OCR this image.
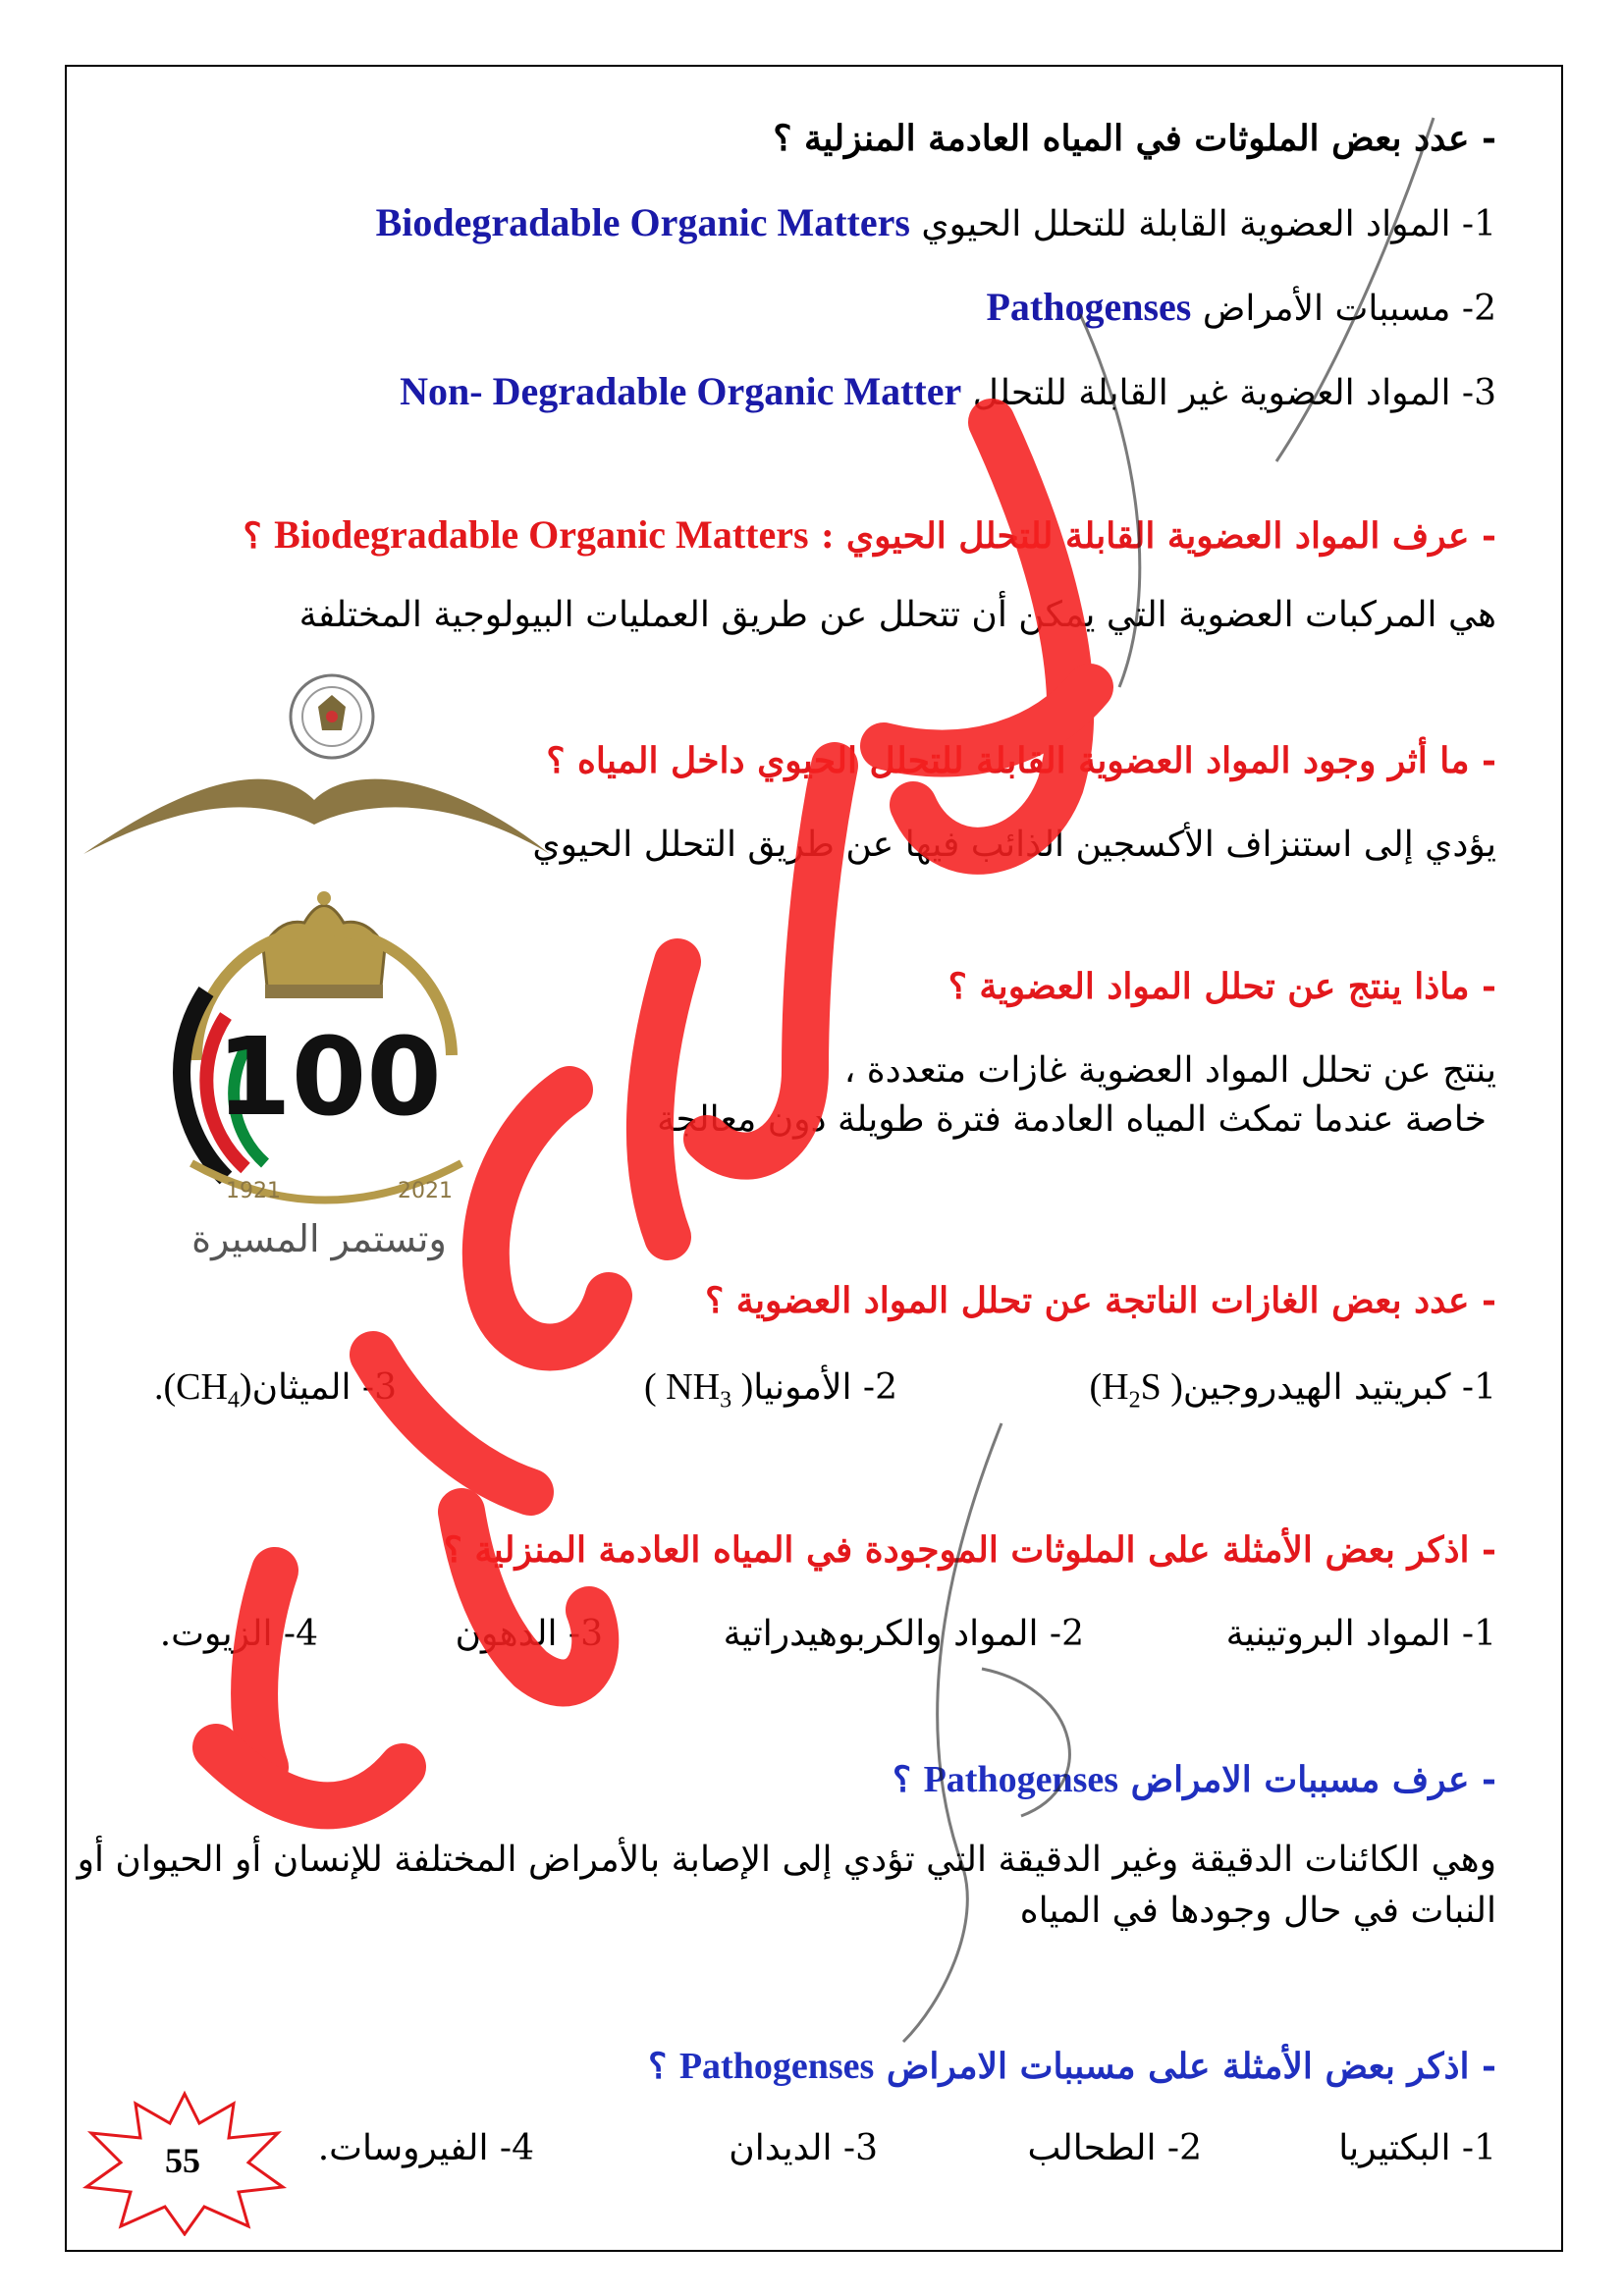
- عدد بعض الملوثات في المياه العادمة المنزلية ؟
1- المواد العضوية القابلة للتحلل الحيوي Biodegradable Organic Matters
2- مسببات الأمراض Pathogenses
3- المواد العضوية غير القابلة للتحلل Non- Degradable Organic Matter
- عرف المواد العضوية القابلة للتحلل الحيوي : Biodegradable Organic Matters ؟
هي المركبات العضوية التي يمكن أن تتحلل عن طريق العمليات البيولوجية المختلفة
- ما أثر وجود المواد العضوية القابلة للتحلل الحيوي داخل المياه ؟
يؤدي إلى استنزاف الأكسجين الذائب فيها عن طريق التحلل الحيوي
- ماذا ينتج عن تحلل المواد العضوية ؟
ينتج عن تحلل المواد العضوية غازات متعددة ،
خاصة عندما تمكث المياه العادمة فترة طويلة دون معالجة
- عدد بعض الغازات الناتجة عن تحلل المواد العضوية ؟
1- كبريتيد الهيدروجين( $H_2S$)
2- الأمونيا( $NH_3$ )
3- $الميثان(CH_4)$.
- اذكر بعض الأمثلة على الملوثات الموجودة في المياه العادمة المنزلية ؟
1- المواد البروتينية
2- المواد والكربوهيدراتية
3- الدهون
4- الزيوت.
- عرف مسببات الامراض Pathogenses ؟
وهي الكائنات الدقيقة وغير الدقيقة التي تؤدي إلى الإصابة بالأمراض المختلفة للإنسان أو الحيوان أو
النبات في حال وجودها في المياه
- اذكر بعض الأمثلة على مسببات الامراض Pathogenses ؟
1- البكتيريا
2- الطحالب
3- الديدان
4- الفيروسات.
100
1921	2021
وتستمر المسيرة
55
